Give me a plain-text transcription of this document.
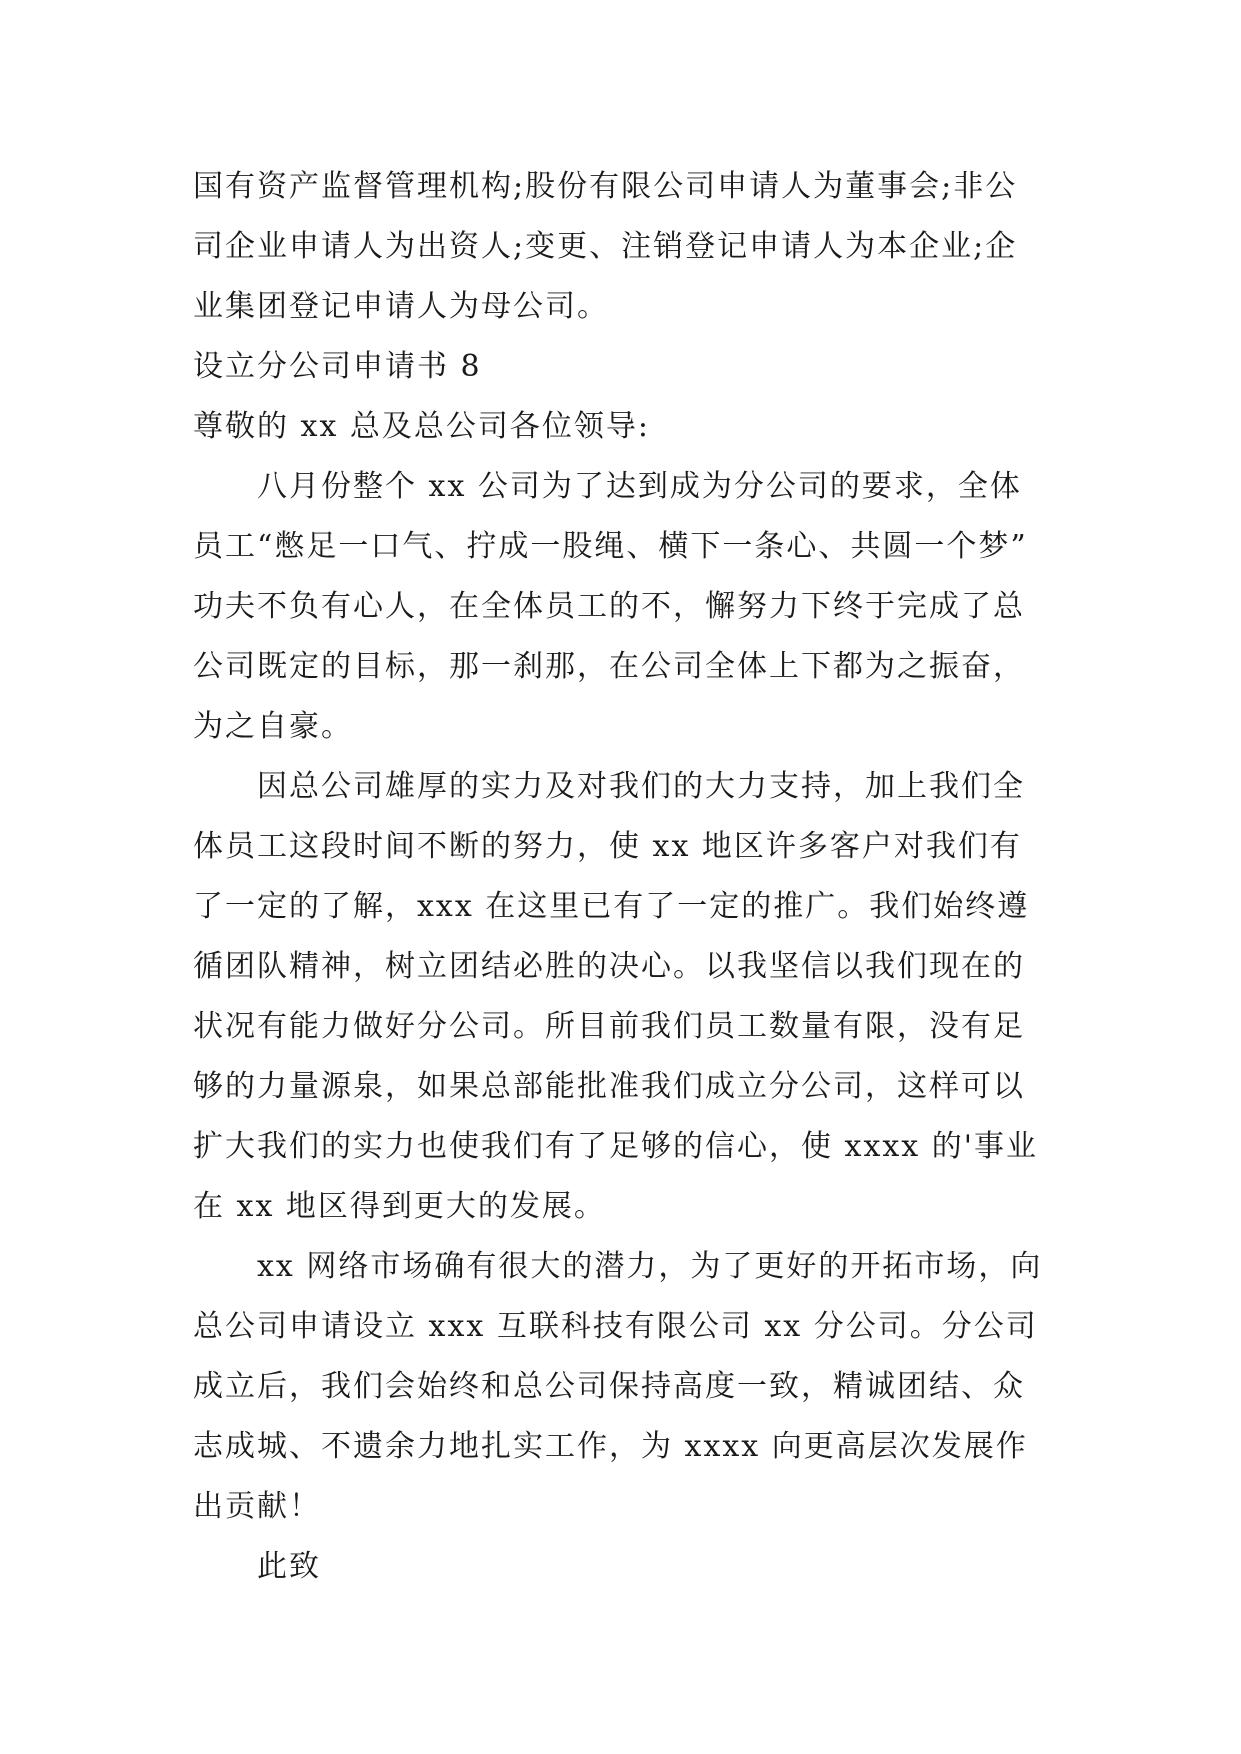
国有资产监督管理机构;股份有限公司申请人为董事会;非公
司企业申请人为出资人;变更、注销登记申请人为本企业;企
业集团登记申请人为母公司。
设立分公司申请书 8
尊敬的 xx 总及总公司各位领导:
八月份整个 xx 公司为了达到成为分公司的要求，全体
员工“憋足一口气、拧成一股绳、横下一条心、共圆一个梦”
功夫不负有心人，在全体员工的不，懈努力下终于完成了总
公司既定的目标，那一刹那，在公司全体上下都为之振奋，
为之自豪。
因总公司雄厚的实力及对我们的大力支持，加上我们全
体员工这段时间不断的努力，使 xx 地区许多客户对我们有
了一定的了解，xxx 在这里已有了一定的推广。我们始终遵
循团队精神，树立团结必胜的决心。以我坚信以我们现在的
状况有能力做好分公司。所目前我们员工数量有限，没有足
够的力量源泉，如果总部能批准我们成立分公司，这样可以
扩大我们的实力也使我们有了足够的信心，使 xxxx 的'事业
在 xx 地区得到更大的发展。
xx 网络市场确有很大的潜力，为了更好的开拓市场，向
总公司申请设立 xxx 互联科技有限公司 xx 分公司。分公司
成立后，我们会始终和总公司保持高度一致，精诚团结、众
志成城、不遗余力地扎实工作，为 xxxx 向更高层次发展作
出贡献！
此致
